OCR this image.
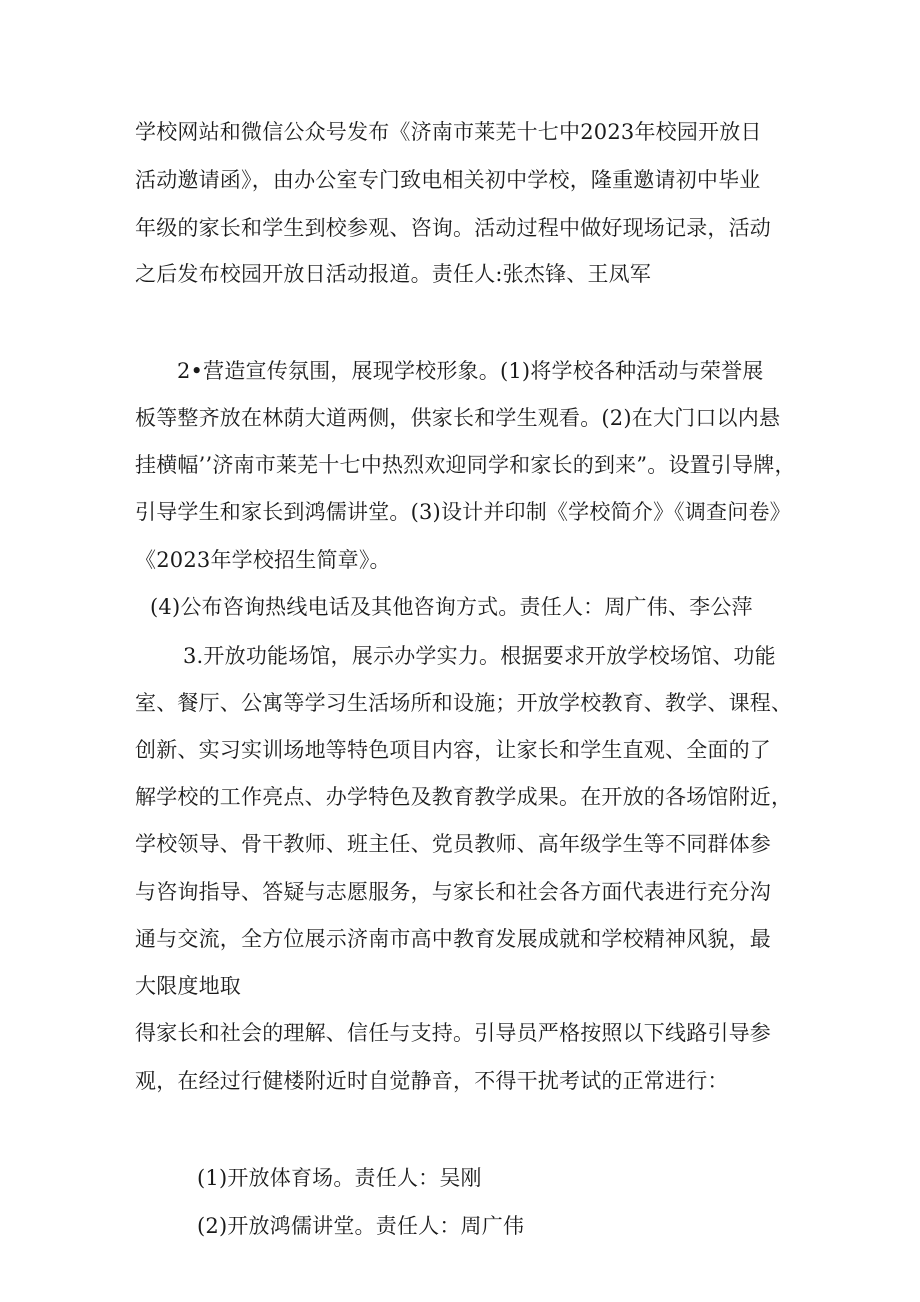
学校网站和微信公众号发布《济南市莱芜十七中2023年校园开放日
活动邀请函》，由办公室专门致电相关初中学校，隆重邀请初中毕业
年级的家长和学生到校参观、咨询。活动过程中做好现场记录，活动
之后发布校园开放日活动报道。责任人:张杰锋、王凤军
2•营造宣传氛围，展现学校形象。(1)将学校各种活动与荣誉展
板等整齐放在林荫大道两侧，供家长和学生观看。(2)在大门口以内悬
挂横幅’’济南市莱芜十七中热烈欢迎同学和家长的到来”。设置引导牌，
引导学生和家长到鸿儒讲堂。(3)设计并印制《学校简介》《调查问卷》
《2023年学校招生简章》。
(4)公布咨询热线电话及其他咨询方式。责任人：周广伟、李公萍
3.开放功能场馆，展示办学实力。根据要求开放学校场馆、功能
室、餐厅、公寓等学习生活场所和设施；开放学校教育、教学、课程、
创新、实习实训场地等特色项目内容，让家长和学生直观、全面的了
解学校的工作亮点、办学特色及教育教学成果。在开放的各场馆附近，
学校领导、骨干教师、班主任、党员教师、高年级学生等不同群体参
与咨询指导、答疑与志愿服务，与家长和社会各方面代表进行充分沟
通与交流，全方位展示济南市高中教育发展成就和学校精神风貌，最
大限度地取
得家长和社会的理解、信任与支持。引导员严格按照以下线路引导参
观，在经过行健楼附近时自觉静音，不得干扰考试的正常进行：
(1)开放体育场。责任人：吴刚
(2)开放鸿儒讲堂。责任人：周广伟
